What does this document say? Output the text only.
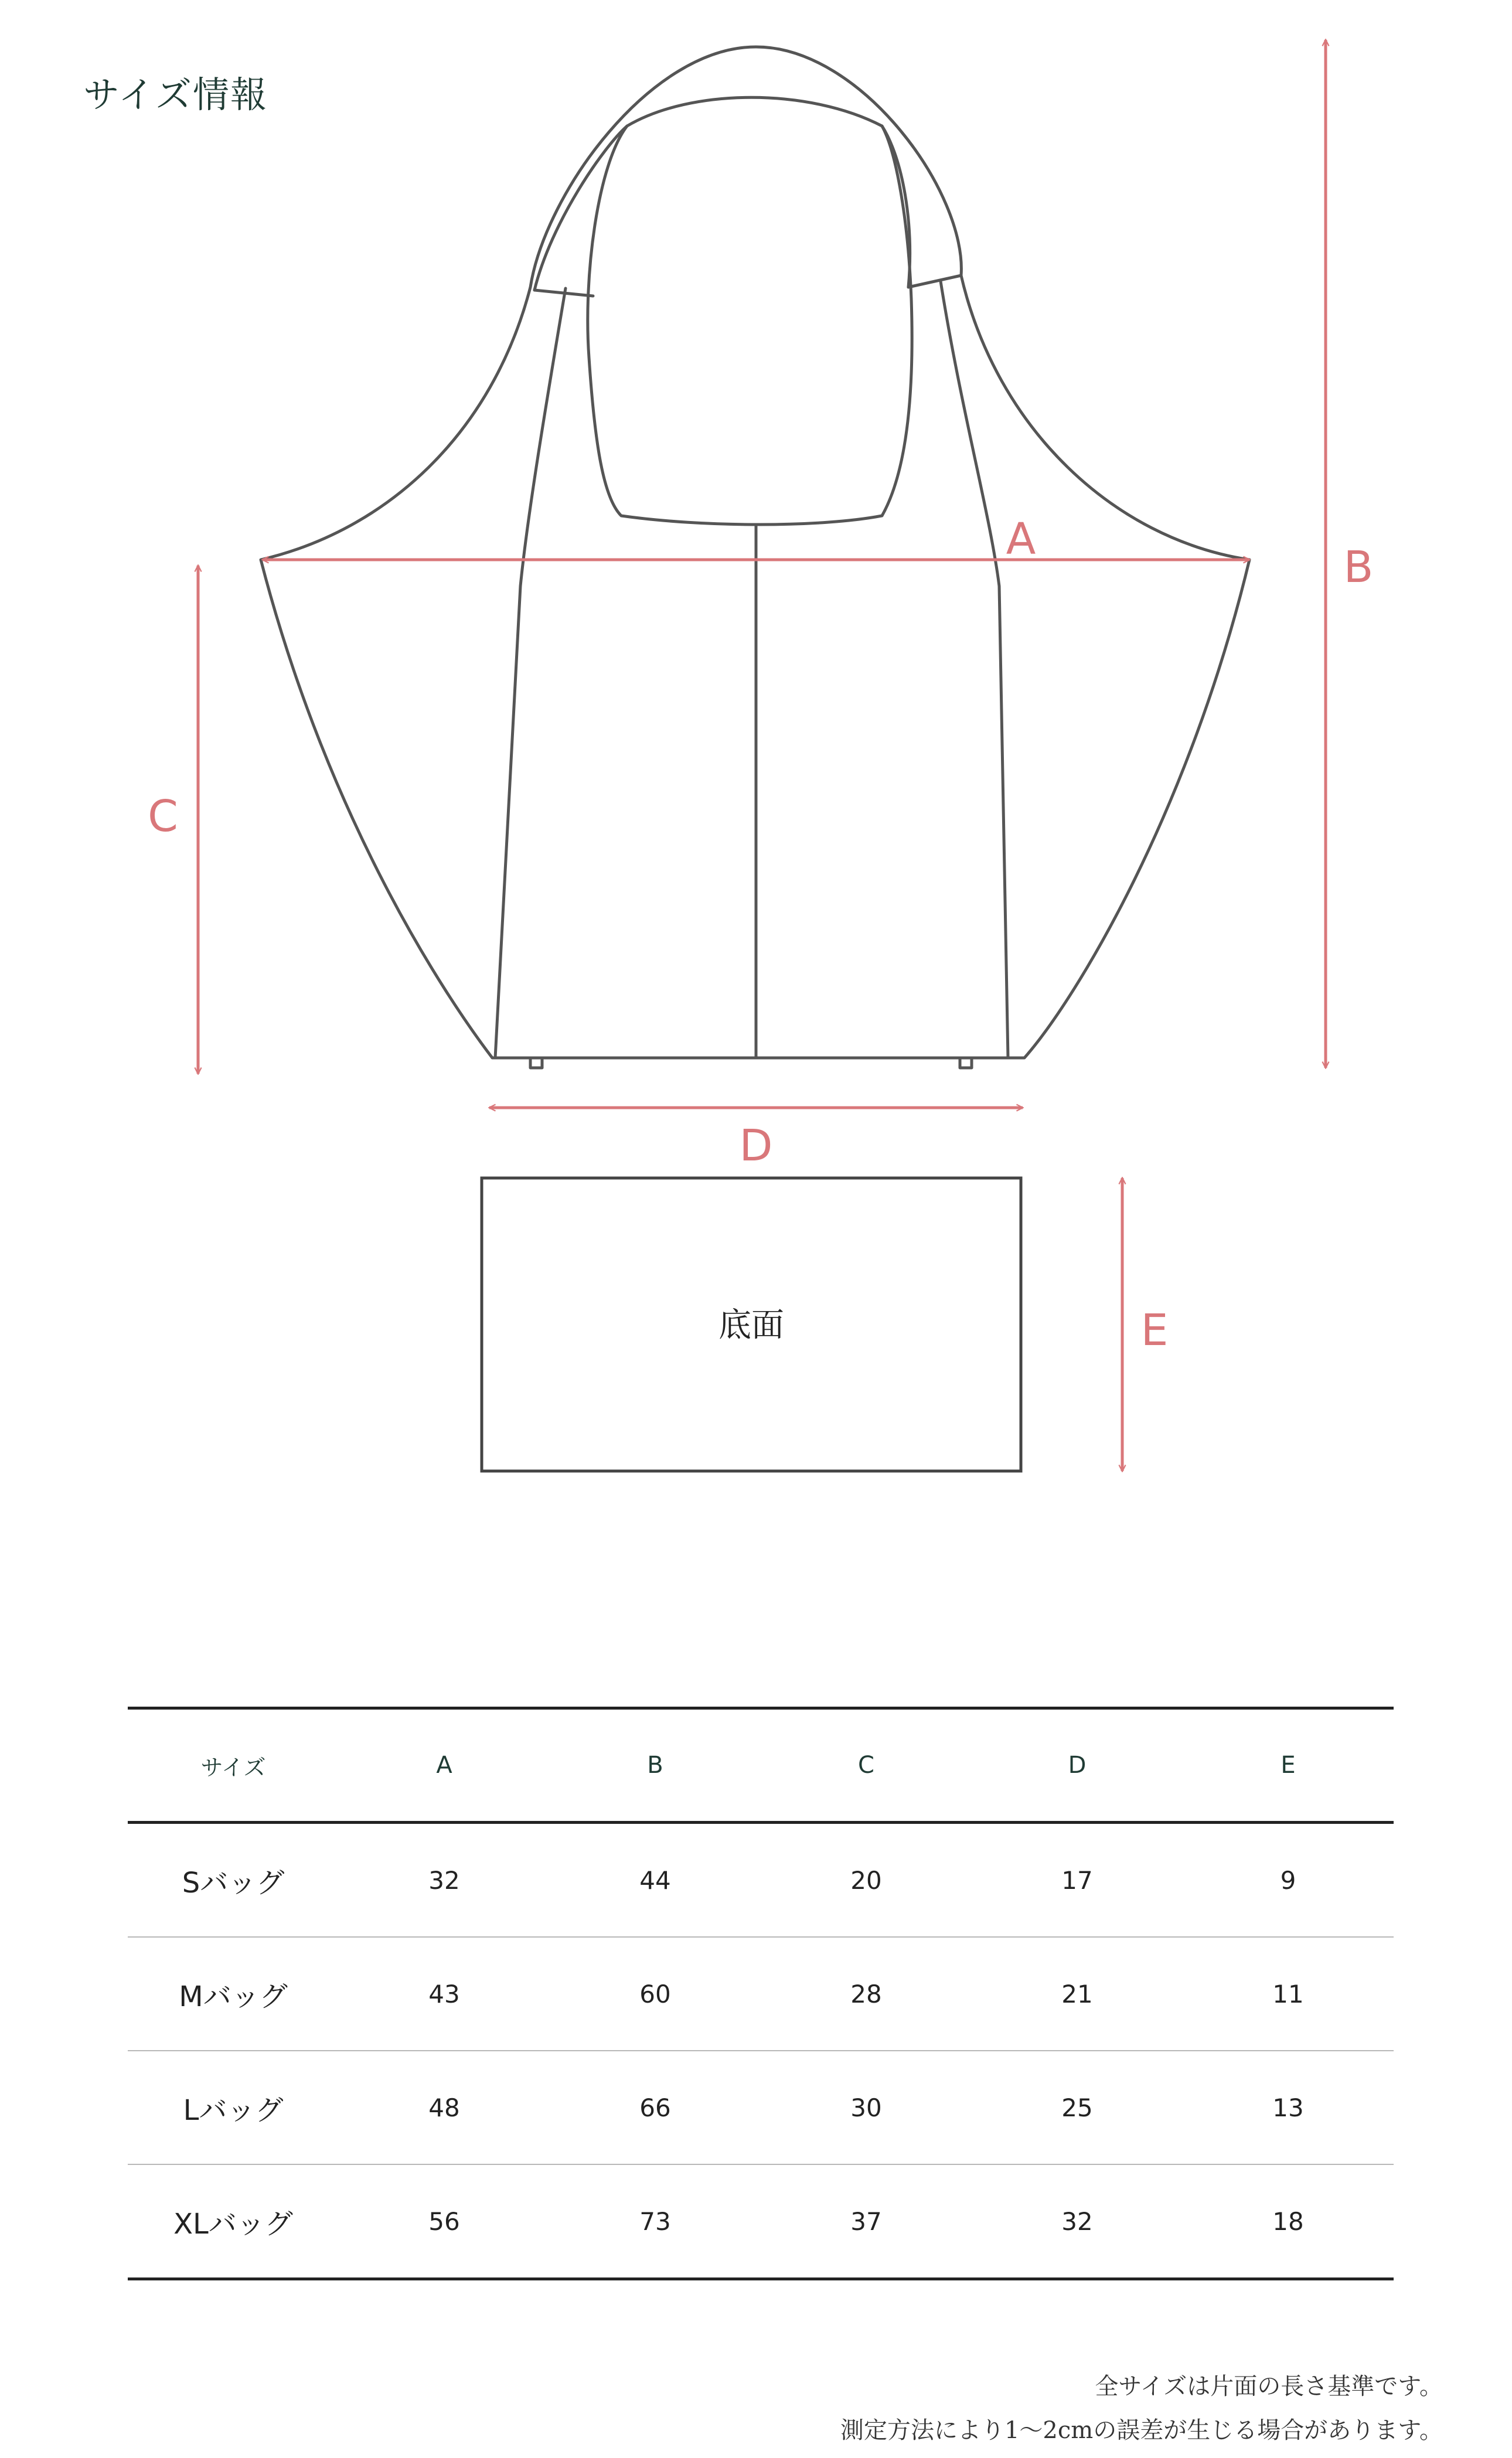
サイズ情報
A
B
C
D
E
底面
サイズ	A	B	C	D	E
Sバッグ	32	44	20	17	9
Mバッグ	43	60	28	21	11
Lバッグ	48	66	30	25	13
XLバッグ	56	73	37	32	18
全サイズは片面の長さ基準です。
測定方法により1〜2cmの誤差が生じる場合があります。
